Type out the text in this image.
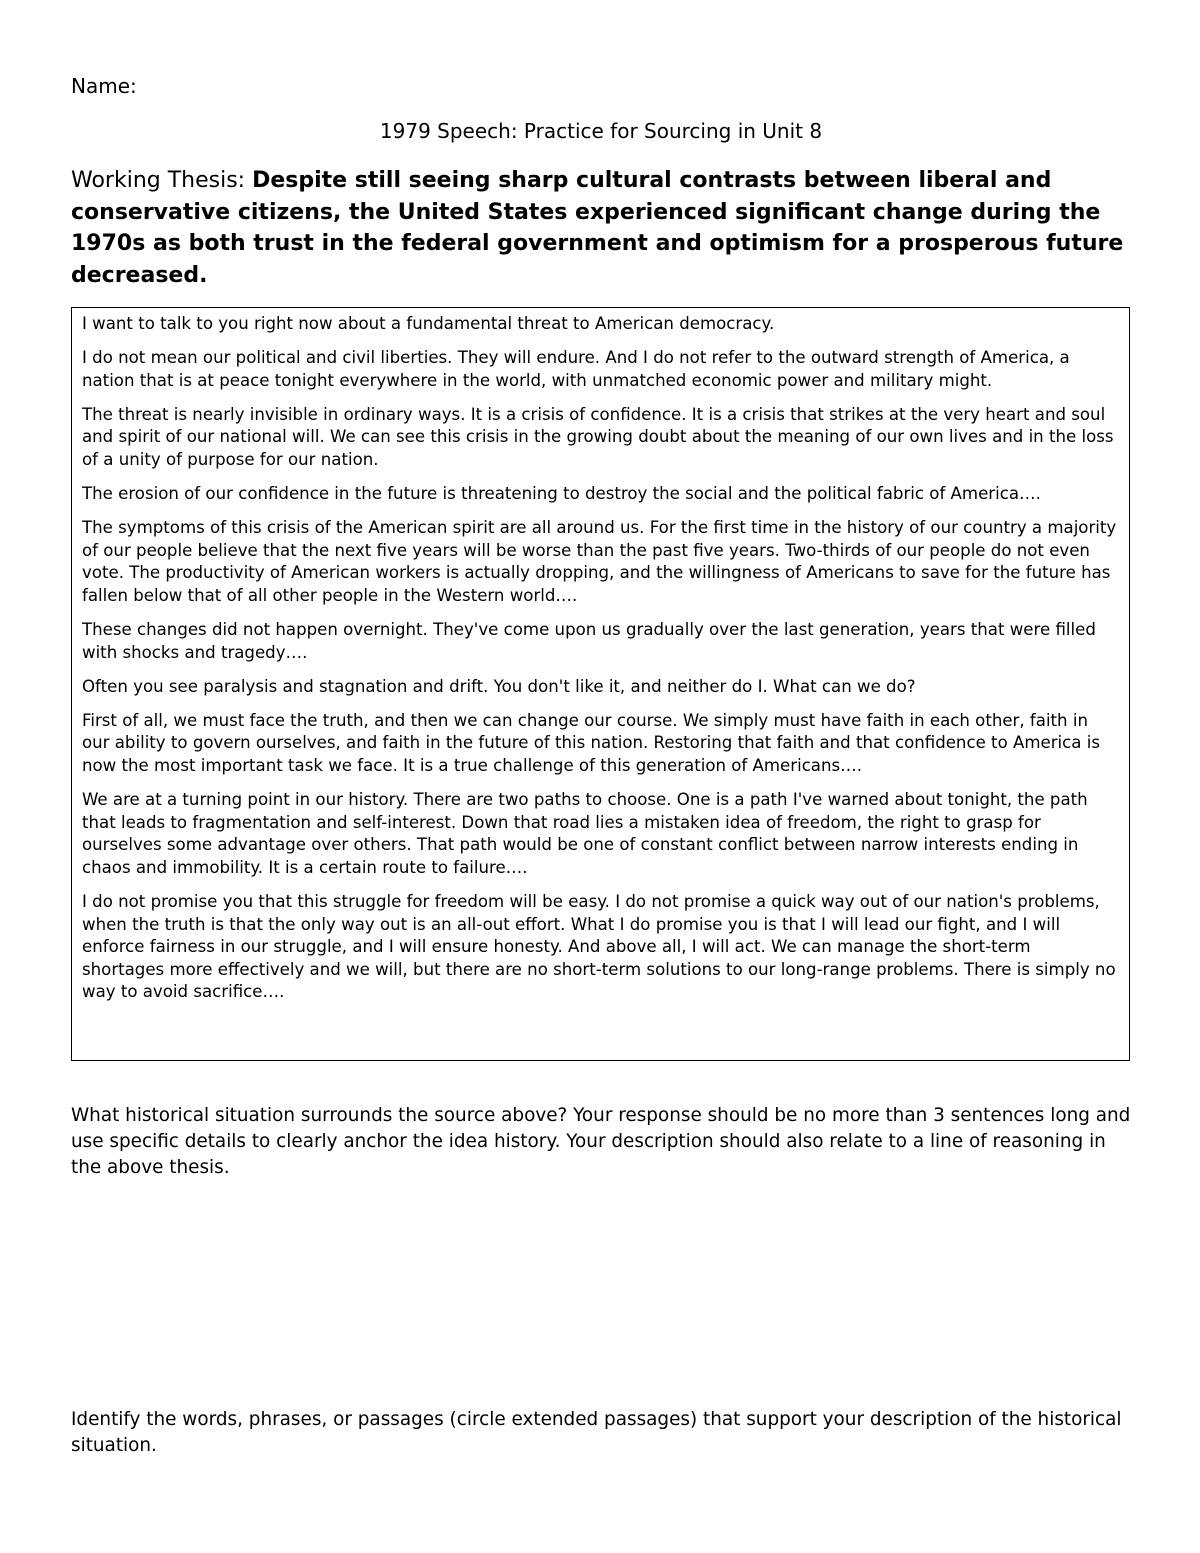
Name:
1979 Speech: Practice for Sourcing in Unit 8
Working Thesis: Despite still seeing sharp cultural contrasts between liberal and conservative citizens, the United States experienced significant change during the 1970s as both trust in the federal government and optimism for a prosperous future decreased.

I want to talk to you right now about a fundamental threat to American democracy.

I do not mean our political and civil liberties. They will endure. And I do not refer to the outward strength of America, a nation that is at peace tonight everywhere in the world, with unmatched economic power and military might.

The threat is nearly invisible in ordinary ways. It is a crisis of confidence. It is a crisis that strikes at the very heart and soul and spirit of our national will. We can see this crisis in the growing doubt about the meaning of our own lives and in the loss of a unity of purpose for our nation.

The erosion of our confidence in the future is threatening to destroy the social and the political fabric of America….

The symptoms of this crisis of the American spirit are all around us. For the first time in the history of our country a majority of our people believe that the next five years will be worse than the past five years. Two-thirds of our people do not even vote. The productivity of American workers is actually dropping, and the willingness of Americans to save for the future has fallen below that of all other people in the Western world….

These changes did not happen overnight. They've come upon us gradually over the last generation, years that were filled with shocks and tragedy….

Often you see paralysis and stagnation and drift. You don't like it, and neither do I. What can we do?

First of all, we must face the truth, and then we can change our course. We simply must have faith in each other, faith in our ability to govern ourselves, and faith in the future of this nation. Restoring that faith and that confidence to America is now the most important task we face. It is a true challenge of this generation of Americans….

We are at a turning point in our history. There are two paths to choose. One is a path I've warned about tonight, the path that leads to fragmentation and self-interest. Down that road lies a mistaken idea of freedom, the right to grasp for ourselves some advantage over others. That path would be one of constant conflict between narrow interests ending in chaos and immobility. It is a certain route to failure….

I do not promise you that this struggle for freedom will be easy. I do not promise a quick way out of our nation's problems, when the truth is that the only way out is an all-out effort. What I do promise you is that I will lead our fight, and I will enforce fairness in our struggle, and I will ensure honesty. And above all, I will act. We can manage the short-term shortages more effectively and we will, but there are no short-term solutions to our long-range problems. There is simply no way to avoid sacrifice….

What historical situation surrounds the source above? Your response should be no more than 3 sentences long and use specific details to clearly anchor the idea history. Your description should also relate to a line of reasoning in the above thesis.
Identify the words, phrases, or passages (circle extended passages) that support your description of the historical situation.
